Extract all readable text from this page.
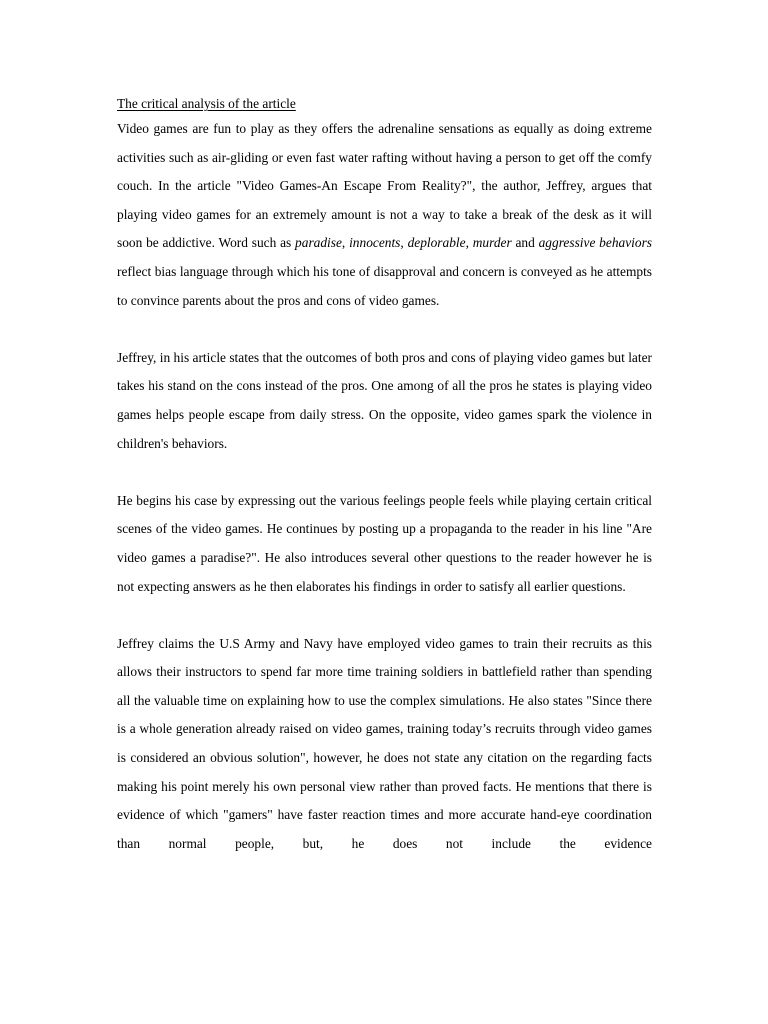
The critical analysis of the article

Video games are fun to play as they offers the adrenaline sensations as equally as doing extreme activities such as air-gliding or even fast water rafting without having a person to get off the comfy couch. In the article "Video Games-An Escape From Reality?", the author, Jeffrey, argues that playing video games for an extremely amount is not a way to take a break of the desk as it will soon be addictive. Word such as paradise, innocents, deplorable, murder and aggressive behaviors reflect bias language through which his tone of disapproval and concern is conveyed as he attempts to convince parents about the pros and cons of video games.

Jeffrey, in his article states that the outcomes of both pros and cons of playing video games but later takes his stand on the cons instead of the pros. One among of all the pros he states is playing video games helps people escape from daily stress. On the opposite, video games spark the violence in children's behaviors.

He begins his case by expressing out the various feelings people feels while playing certain critical scenes of the video games. He continues by posting up a propaganda to the reader in his line "Are video games a paradise?". He also introduces several other questions to the reader however he is not expecting answers as he then elaborates his findings in order to satisfy all earlier questions.

Jeffrey claims the U.S Army and Navy have employed video games to train their recruits as this allows their instructors to spend far more time training soldiers in battlefield rather than spending all the valuable time on explaining how to use the complex simulations. He also states "Since there is a whole generation already raised on video games, training today’s recruits through video games is considered an obvious solution", however, he does not state any citation on the regarding facts making his point merely his own personal view rather than proved facts. He mentions that there is evidence of which "gamers" have faster reaction times and more accurate hand-eye coordination than normal people, but, he does not include the evidence
